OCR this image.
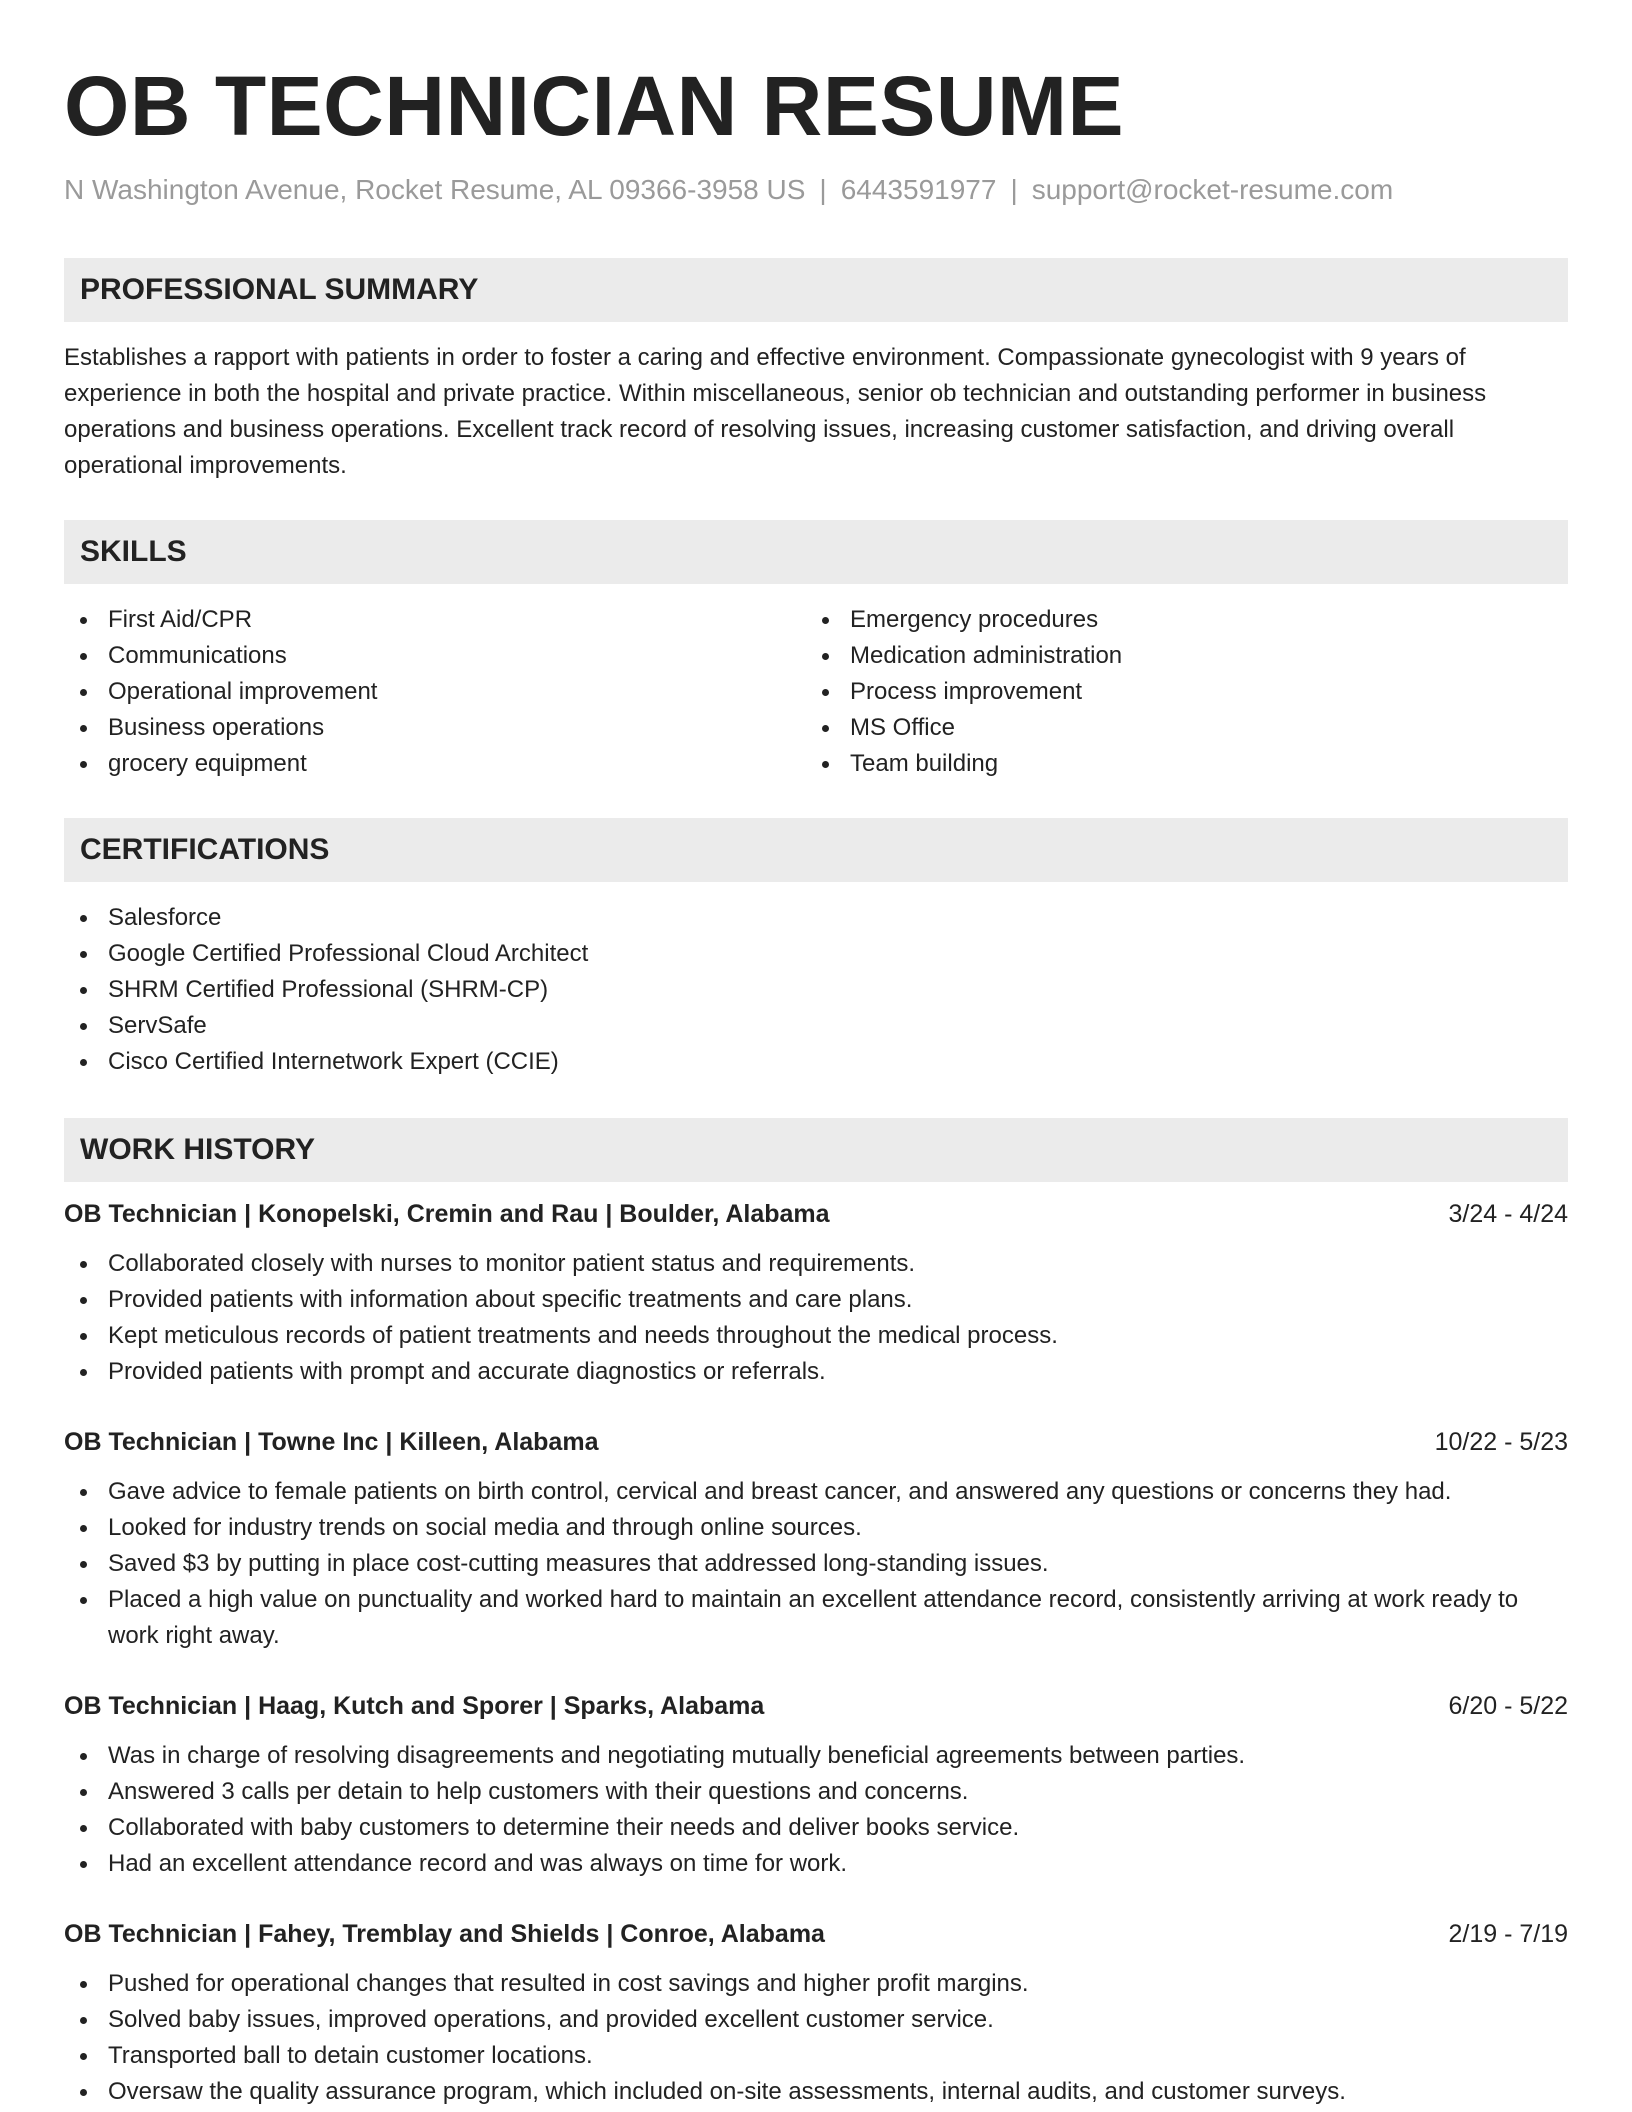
OB TECHNICIAN RESUME
N Washington Avenue, Rocket Resume, AL 09366-3958 US | 6443591977 | support@rocket-resume.com
PROFESSIONAL SUMMARY
Establishes a rapport with patients in order to foster a caring and effective environment. Compassionate gynecologist with 9 years of experience in both the hospital and private practice. Within miscellaneous, senior ob technician and outstanding performer in business operations and business operations. Excellent track record of resolving issues, increasing customer satisfaction, and driving overall operational improvements.
SKILLS
First Aid/CPR
Communications
Operational improvement
Business operations
grocery equipment
Emergency procedures
Medication administration
Process improvement
MS Office
Team building
CERTIFICATIONS
Salesforce
Google Certified Professional Cloud Architect
SHRM Certified Professional (SHRM-CP)
ServSafe
Cisco Certified Internetwork Expert (CCIE)
WORK HISTORY
OB Technician | Konopelski, Cremin and Rau | Boulder, Alabama	3/24 - 4/24
Collaborated closely with nurses to monitor patient status and requirements.
Provided patients with information about specific treatments and care plans.
Kept meticulous records of patient treatments and needs throughout the medical process.
Provided patients with prompt and accurate diagnostics or referrals.
OB Technician | Towne Inc | Killeen, Alabama	10/22 - 5/23
Gave advice to female patients on birth control, cervical and breast cancer, and answered any questions or concerns they had.
Looked for industry trends on social media and through online sources.
Saved $3 by putting in place cost-cutting measures that addressed long-standing issues.
Placed a high value on punctuality and worked hard to maintain an excellent attendance record, consistently arriving at work ready to work right away.
OB Technician | Haag, Kutch and Sporer | Sparks, Alabama	6/20 - 5/22
Was in charge of resolving disagreements and negotiating mutually beneficial agreements between parties.
Answered 3 calls per detain to help customers with their questions and concerns.
Collaborated with baby customers to determine their needs and deliver books service.
Had an excellent attendance record and was always on time for work.
OB Technician | Fahey, Tremblay and Shields | Conroe, Alabama	2/19 - 7/19
Pushed for operational changes that resulted in cost savings and higher profit margins.
Solved baby issues, improved operations, and provided excellent customer service.
Transported ball to detain customer locations.
Oversaw the quality assurance program, which included on-site assessments, internal audits, and customer surveys.
